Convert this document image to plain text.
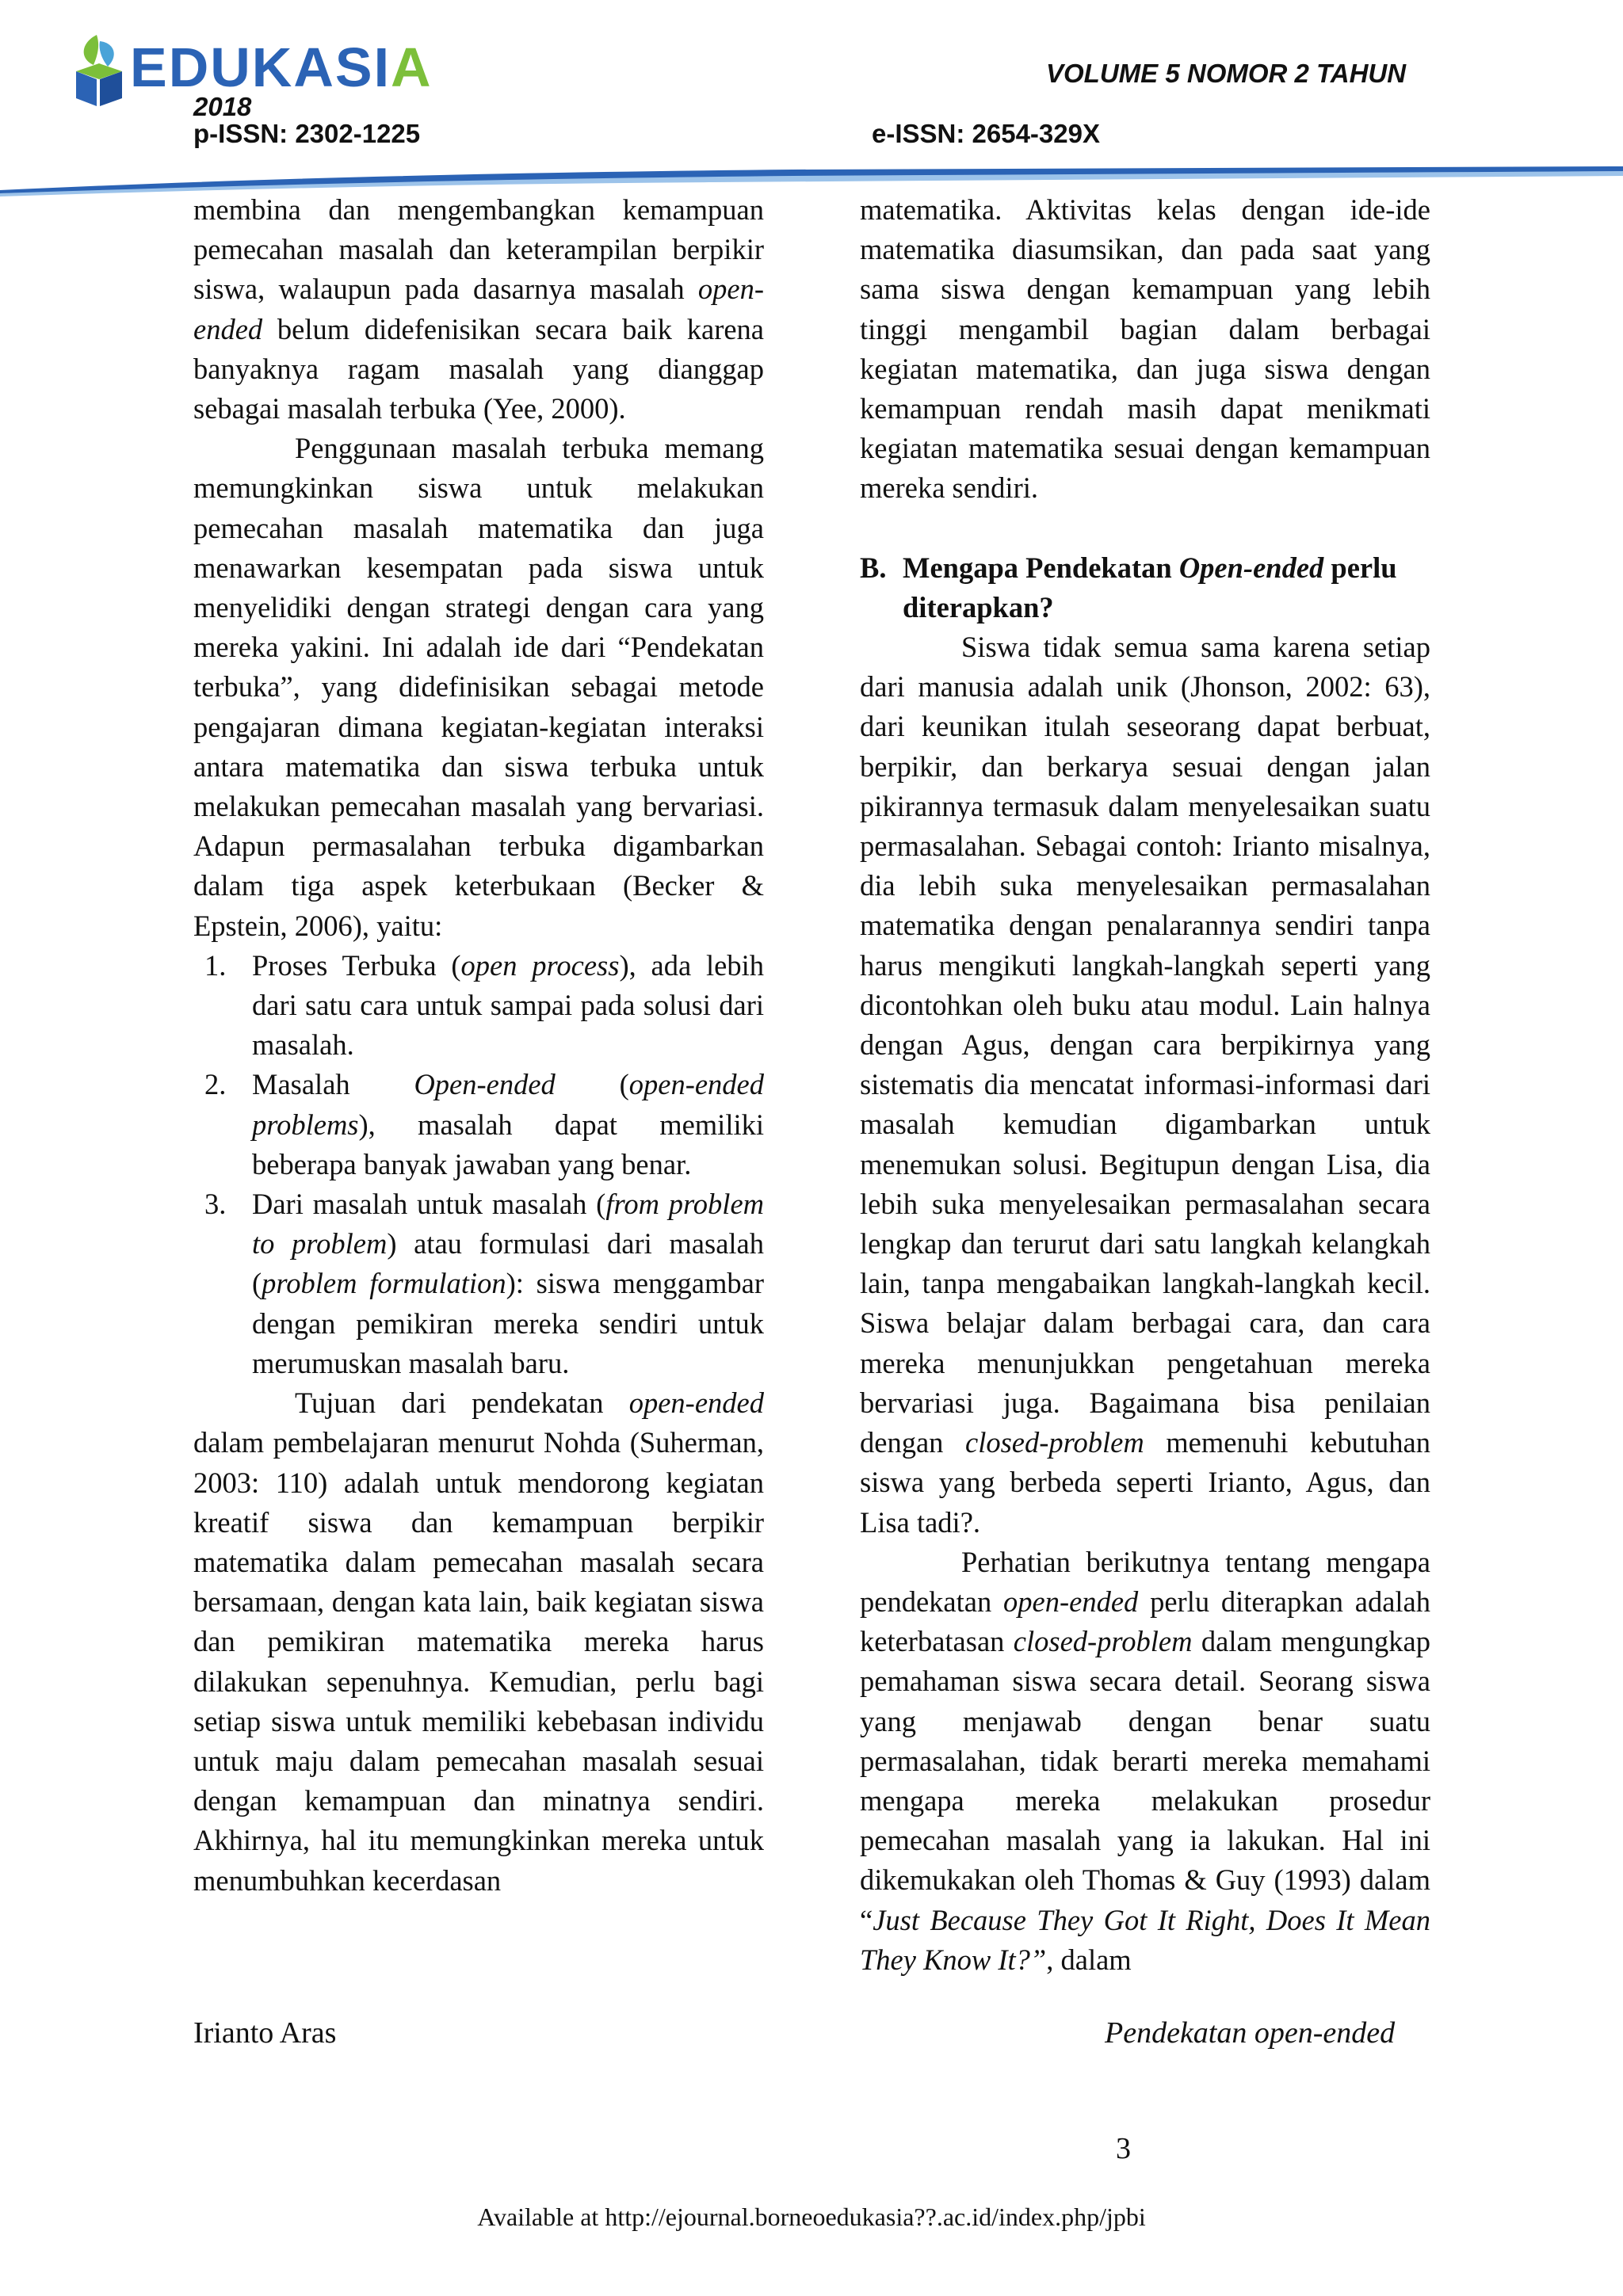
EDUKASIA	VOLUME 5 NOMOR 2 TAHUN
2018
p-ISSN: 2302-1225	e-ISSN: 2654-329X

membina dan mengembangkan kemampuan pemecahan masalah dan keterampilan berpikir siswa, walaupun pada dasarnya masalah open-ended belum didefenisikan secara baik karena banyaknya ragam masalah yang dianggap sebagai masalah terbuka (Yee, 2000).

Penggunaan masalah terbuka memang memungkinkan siswa untuk melakukan pemecahan masalah matematika dan juga menawarkan kesempatan pada siswa untuk menyelidiki dengan strategi dengan cara yang mereka yakini. Ini adalah ide dari “Pendekatan terbuka”, yang didefinisikan sebagai metode pengajaran dimana kegiatan-kegiatan interaksi antara matematika dan siswa terbuka untuk melakukan pemecahan masalah yang bervariasi. Adapun permasalahan terbuka digambarkan dalam tiga aspek keterbukaan (Becker & Epstein, 2006), yaitu:

1. Proses Terbuka (open process), ada lebih dari satu cara untuk sampai pada solusi dari masalah.
2. Masalah Open-ended (open-ended problems), masalah dapat memiliki beberapa banyak jawaban yang benar.
3. Dari masalah untuk masalah (from problem to problem) atau formulasi dari masalah (problem formulation): siswa menggambar dengan pemikiran mereka sendiri untuk merumuskan masalah baru.

Tujuan dari pendekatan open-ended dalam pembelajaran menurut Nohda (Suherman, 2003: 110) adalah untuk mendorong kegiatan kreatif siswa dan kemampuan berpikir matematika dalam pemecahan masalah secara bersamaan, dengan kata lain, baik kegiatan siswa dan pemikiran matematika mereka harus dilakukan sepenuhnya. Kemudian, perlu bagi setiap siswa untuk memiliki kebebasan individu untuk maju dalam pemecahan masalah sesuai dengan kemampuan dan minatnya sendiri. Akhirnya, hal itu memungkinkan mereka untuk menumbuhkan kecerdasan

matematika. Aktivitas kelas dengan ide-ide matematika diasumsikan, dan pada saat yang sama siswa dengan kemampuan yang lebih tinggi mengambil bagian dalam berbagai kegiatan matematika, dan juga siswa dengan kemampuan rendah masih dapat menikmati kegiatan matematika sesuai dengan kemampuan mereka sendiri.

B. Mengapa Pendekatan Open-ended perlu diterapkan?

Siswa tidak semua sama karena setiap dari manusia adalah unik (Jhonson, 2002: 63), dari keunikan itulah seseorang dapat berbuat, berpikir, dan berkarya sesuai dengan jalan pikirannya termasuk dalam menyelesaikan suatu permasalahan. Sebagai contoh: Irianto misalnya, dia lebih suka menyelesaikan permasalahan matematika dengan penalarannya sendiri tanpa harus mengikuti langkah-langkah seperti yang dicontohkan oleh buku atau modul. Lain halnya dengan Agus, dengan cara berpikirnya yang sistematis dia mencatat informasi-informasi dari masalah kemudian digambarkan untuk menemukan solusi. Begitupun dengan Lisa, dia lebih suka menyelesaikan permasalahan secara lengkap dan terurut dari satu langkah kelangkah lain, tanpa mengabaikan langkah-langkah kecil. Siswa belajar dalam berbagai cara, dan cara mereka menunjukkan pengetahuan mereka bervariasi juga. Bagaimana bisa penilaian dengan closed-problem memenuhi kebutuhan siswa yang berbeda seperti Irianto, Agus, dan Lisa tadi?.

Perhatian berikutnya tentang mengapa pendekatan open-ended perlu diterapkan adalah keterbatasan closed-problem dalam mengungkap pemahaman siswa secara detail. Seorang siswa yang menjawab dengan benar suatu permasalahan, tidak berarti mereka memahami mengapa mereka melakukan prosedur pemecahan masalah yang ia lakukan. Hal ini dikemukakan oleh Thomas & Guy (1993) dalam “Just Because They Got It Right, Does It Mean They Know It?”, dalam

Irianto Aras	Pendekatan open-ended
3
Available at http://ejournal.borneoedukasia??.ac.id/index.php/jpbi
